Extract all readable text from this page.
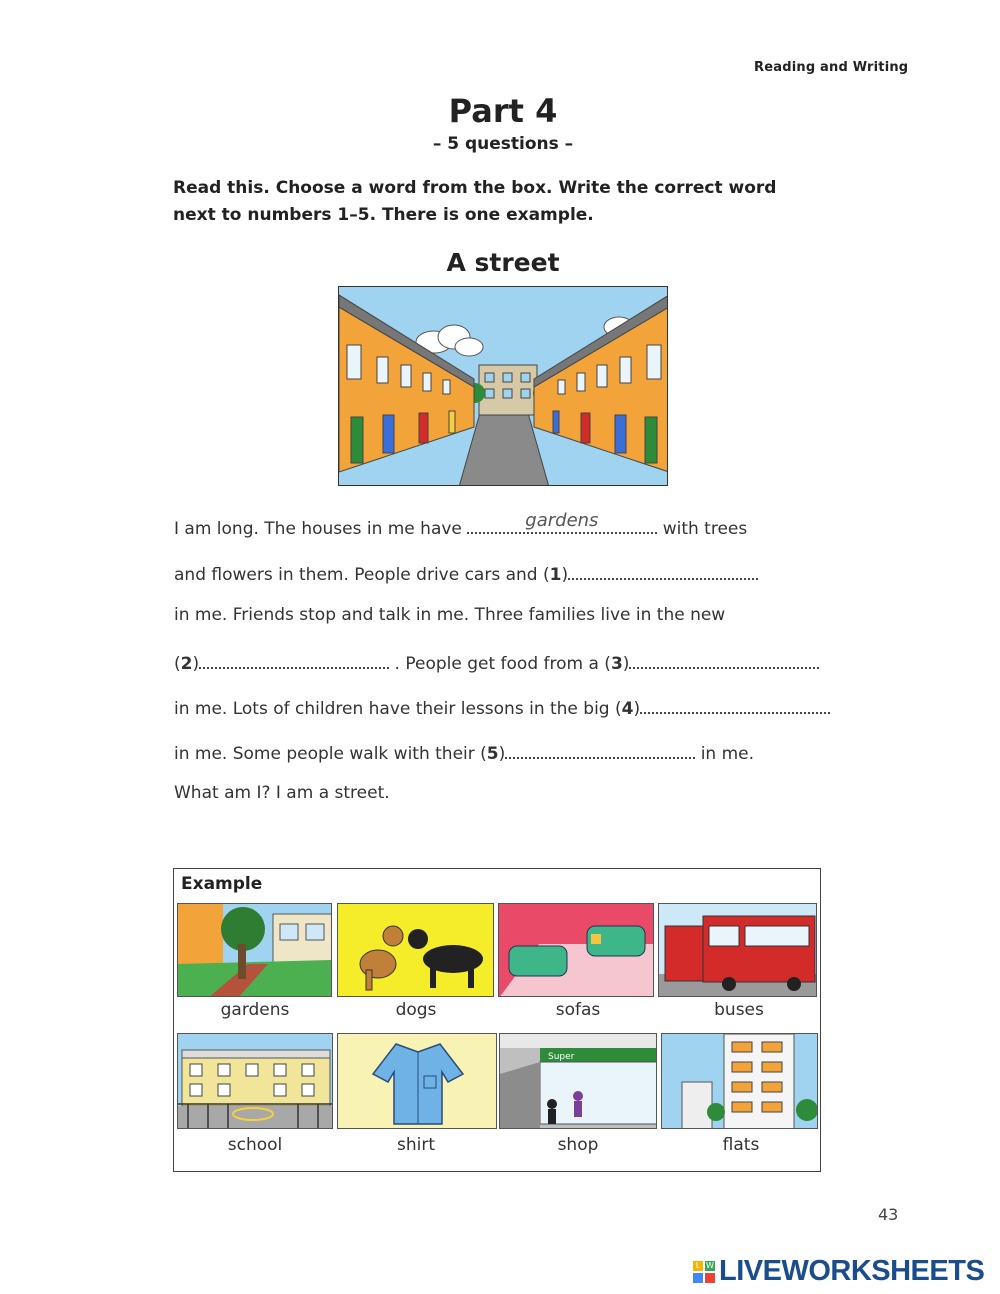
Reading and Writing
Part 4
– 5 questions –
Read this. Choose a word from the box. Write the correct word
next to numbers 1–5. There is one example.
A street
I am long. The houses in me have	gardens	with trees
and flowers in them. People drive cars and (1)
in me. Friends stop and talk in me. Three families live in the new
(2)	. People get food from a (3)
in me. Lots of children have their lessons in the big (4)
in me. Some people walk with their (5)	in me.
What am I? I am a street.
Example
gardens	dogs	sofas	buses
Super
school	shirt	shop	flats
43
L W LIVEWORKSHEETS
